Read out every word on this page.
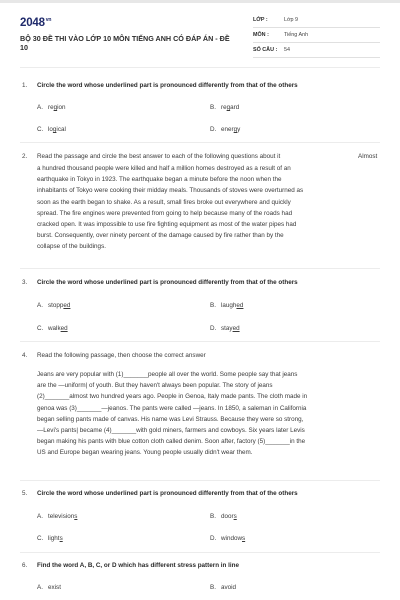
$2048^{vn}$
BỘ 30 ĐỀ THI VÀO LỚP 10 MÔN TIẾNG ANH CÓ ĐÁP ÁN - ĐỀ 10
LỚP :	Lớp 9
MÔN :	Tiếng Anh
SỐ CÂU : 54
1. Circle the word whose underlined part is pronounced differently from that of the others
A. region	B. regard
C. logical	D. energy
2. Read the passage and circle the best answer to each of the following questions about it	Almost
a hundred thousand people were killed and half a million homes destroyed as a result of an
earthquake in Tokyo in 1923. The earthquake began a minute before the noon when the
inhabitants of Tokyo were cooking their midday meals. Thousands of stoves were overturned as
soon as the earth began to shake. As a result, small fires broke out everywhere and quickly
spread. The fire engines were prevented from going to help because many of the roads had
cracked open. It was impossible to use fire fighting equipment as most of the water pipes had
burst. Consequently, over ninety percent of the damage caused by fire rather than by the
collapse of the buildings.
3. Circle the word whose underlined part is pronounced differently from that of the others
A. stopped	B. laughed
C. walked	D. stayed
4. Read the following passage, then choose the correct answer
Jeans are very popular with (1)_______people all over the world. Some people say that jeans
are the —uniform| of youth. But they haven't always been popular. The story of jeans
(2)_______almost two hundred years ago. People in Genoa, Italy made pants. The cloth made in
genoa was (3)_______—jeanos. The pants were called —jeans. In 1850, a saleman in California
began selling pants made of canvas. His name was Levi Strauss. Because they were so strong,
—Levi's pants| became (4)_______with gold miners, farmers and cowboys. Six years later Levis
began making his pants with blue cotton cloth called denim. Soon after, factory (5)_______in the
US and Europe began wearing jeans. Young people usually didn't wear them.
5. Circle the word whose underlined part is pronounced differently from that of the others
A. televisions	B. doors
C. lights	D. windows
6. Find the word A, B, C, or D which has different stress pattern in line
A. exist	B. avoid
